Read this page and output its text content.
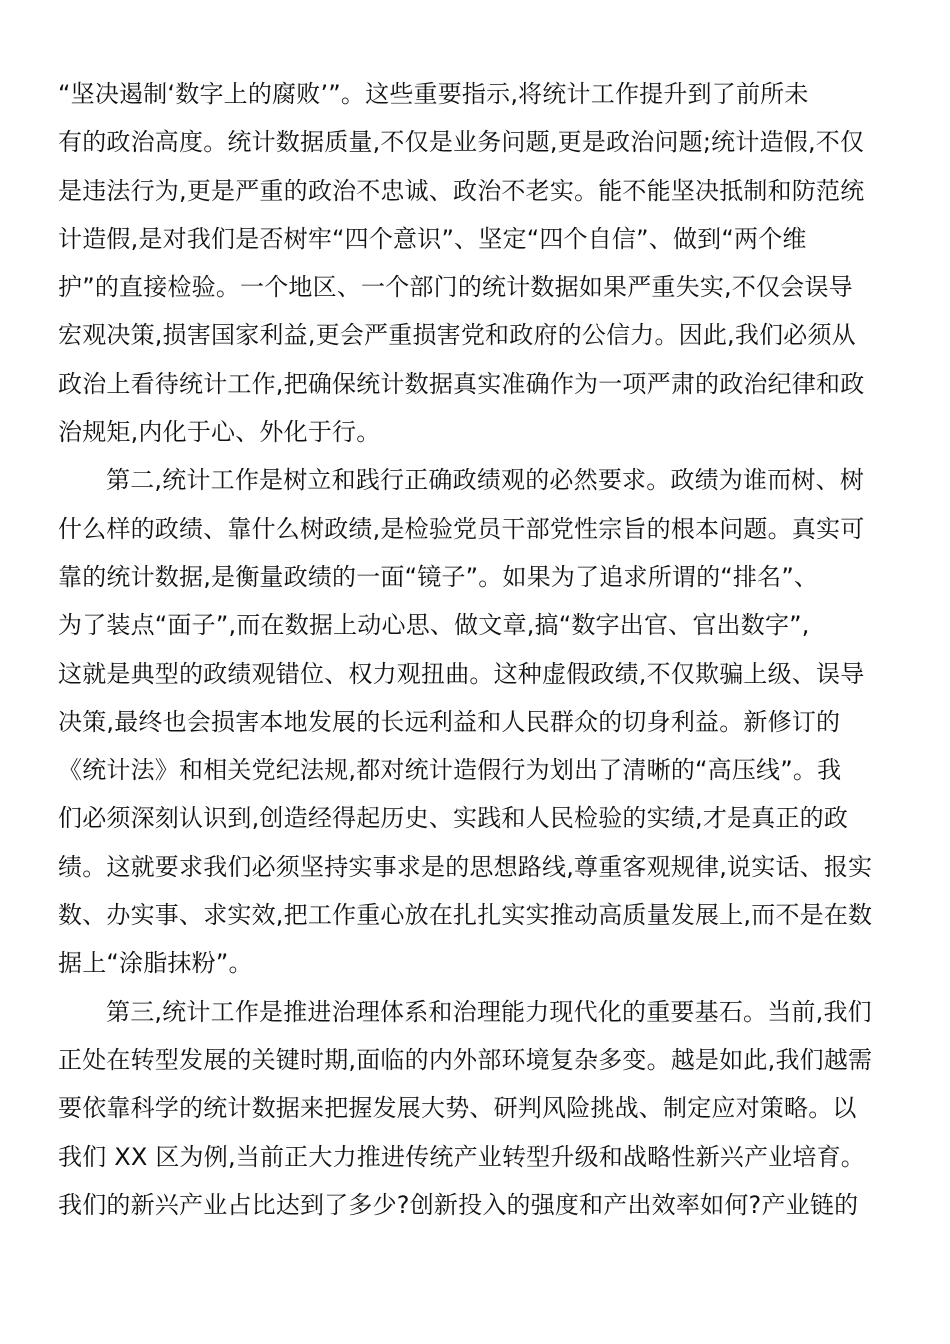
“坚决遏制‘数字上的腐败’”。这些重要指示,将统计工作提升到了前所未
有的政治高度。统计数据质量,不仅是业务问题,更是政治问题;统计造假,不仅
是违法行为,更是严重的政治不忠诚、政治不老实。能不能坚决抵制和防范统
计造假,是对我们是否树牢“四个意识”、坚定“四个自信”、做到“两个维
护”的直接检验。一个地区、一个部门的统计数据如果严重失实,不仅会误导
宏观决策,损害国家利益,更会严重损害党和政府的公信力。因此,我们必须从
政治上看待统计工作,把确保统计数据真实准确作为一项严肃的政治纪律和政
治规矩,内化于心、外化于行。
第二,统计工作是树立和践行正确政绩观的必然要求。政绩为谁而树、树
什么样的政绩、靠什么树政绩,是检验党员干部党性宗旨的根本问题。真实可
靠的统计数据,是衡量政绩的一面“镜子”。如果为了追求所谓的“排名”、
为了装点“面子”,而在数据上动心思、做文章,搞“数字出官、官出数字”,
这就是典型的政绩观错位、权力观扭曲。这种虚假政绩,不仅欺骗上级、误导
决策,最终也会损害本地发展的长远利益和人民群众的切身利益。新修订的
《统计法》和相关党纪法规,都对统计造假行为划出了清晰的“高压线”。我
们必须深刻认识到,创造经得起历史、实践和人民检验的实绩,才是真正的政
绩。这就要求我们必须坚持实事求是的思想路线,尊重客观规律,说实话、报实
数、办实事、求实效,把工作重心放在扎扎实实推动高质量发展上,而不是在数
据上“涂脂抹粉”。
第三,统计工作是推进治理体系和治理能力现代化的重要基石。当前,我们
正处在转型发展的关键时期,面临的内外部环境复杂多变。越是如此,我们越需
要依靠科学的统计数据来把握发展大势、研判风险挑战、制定应对策略。以
我们 XX 区为例,当前正大力推进传统产业转型升级和战略性新兴产业培育。
我们的新兴产业占比达到了多少?创新投入的强度和产出效率如何?产业链的
